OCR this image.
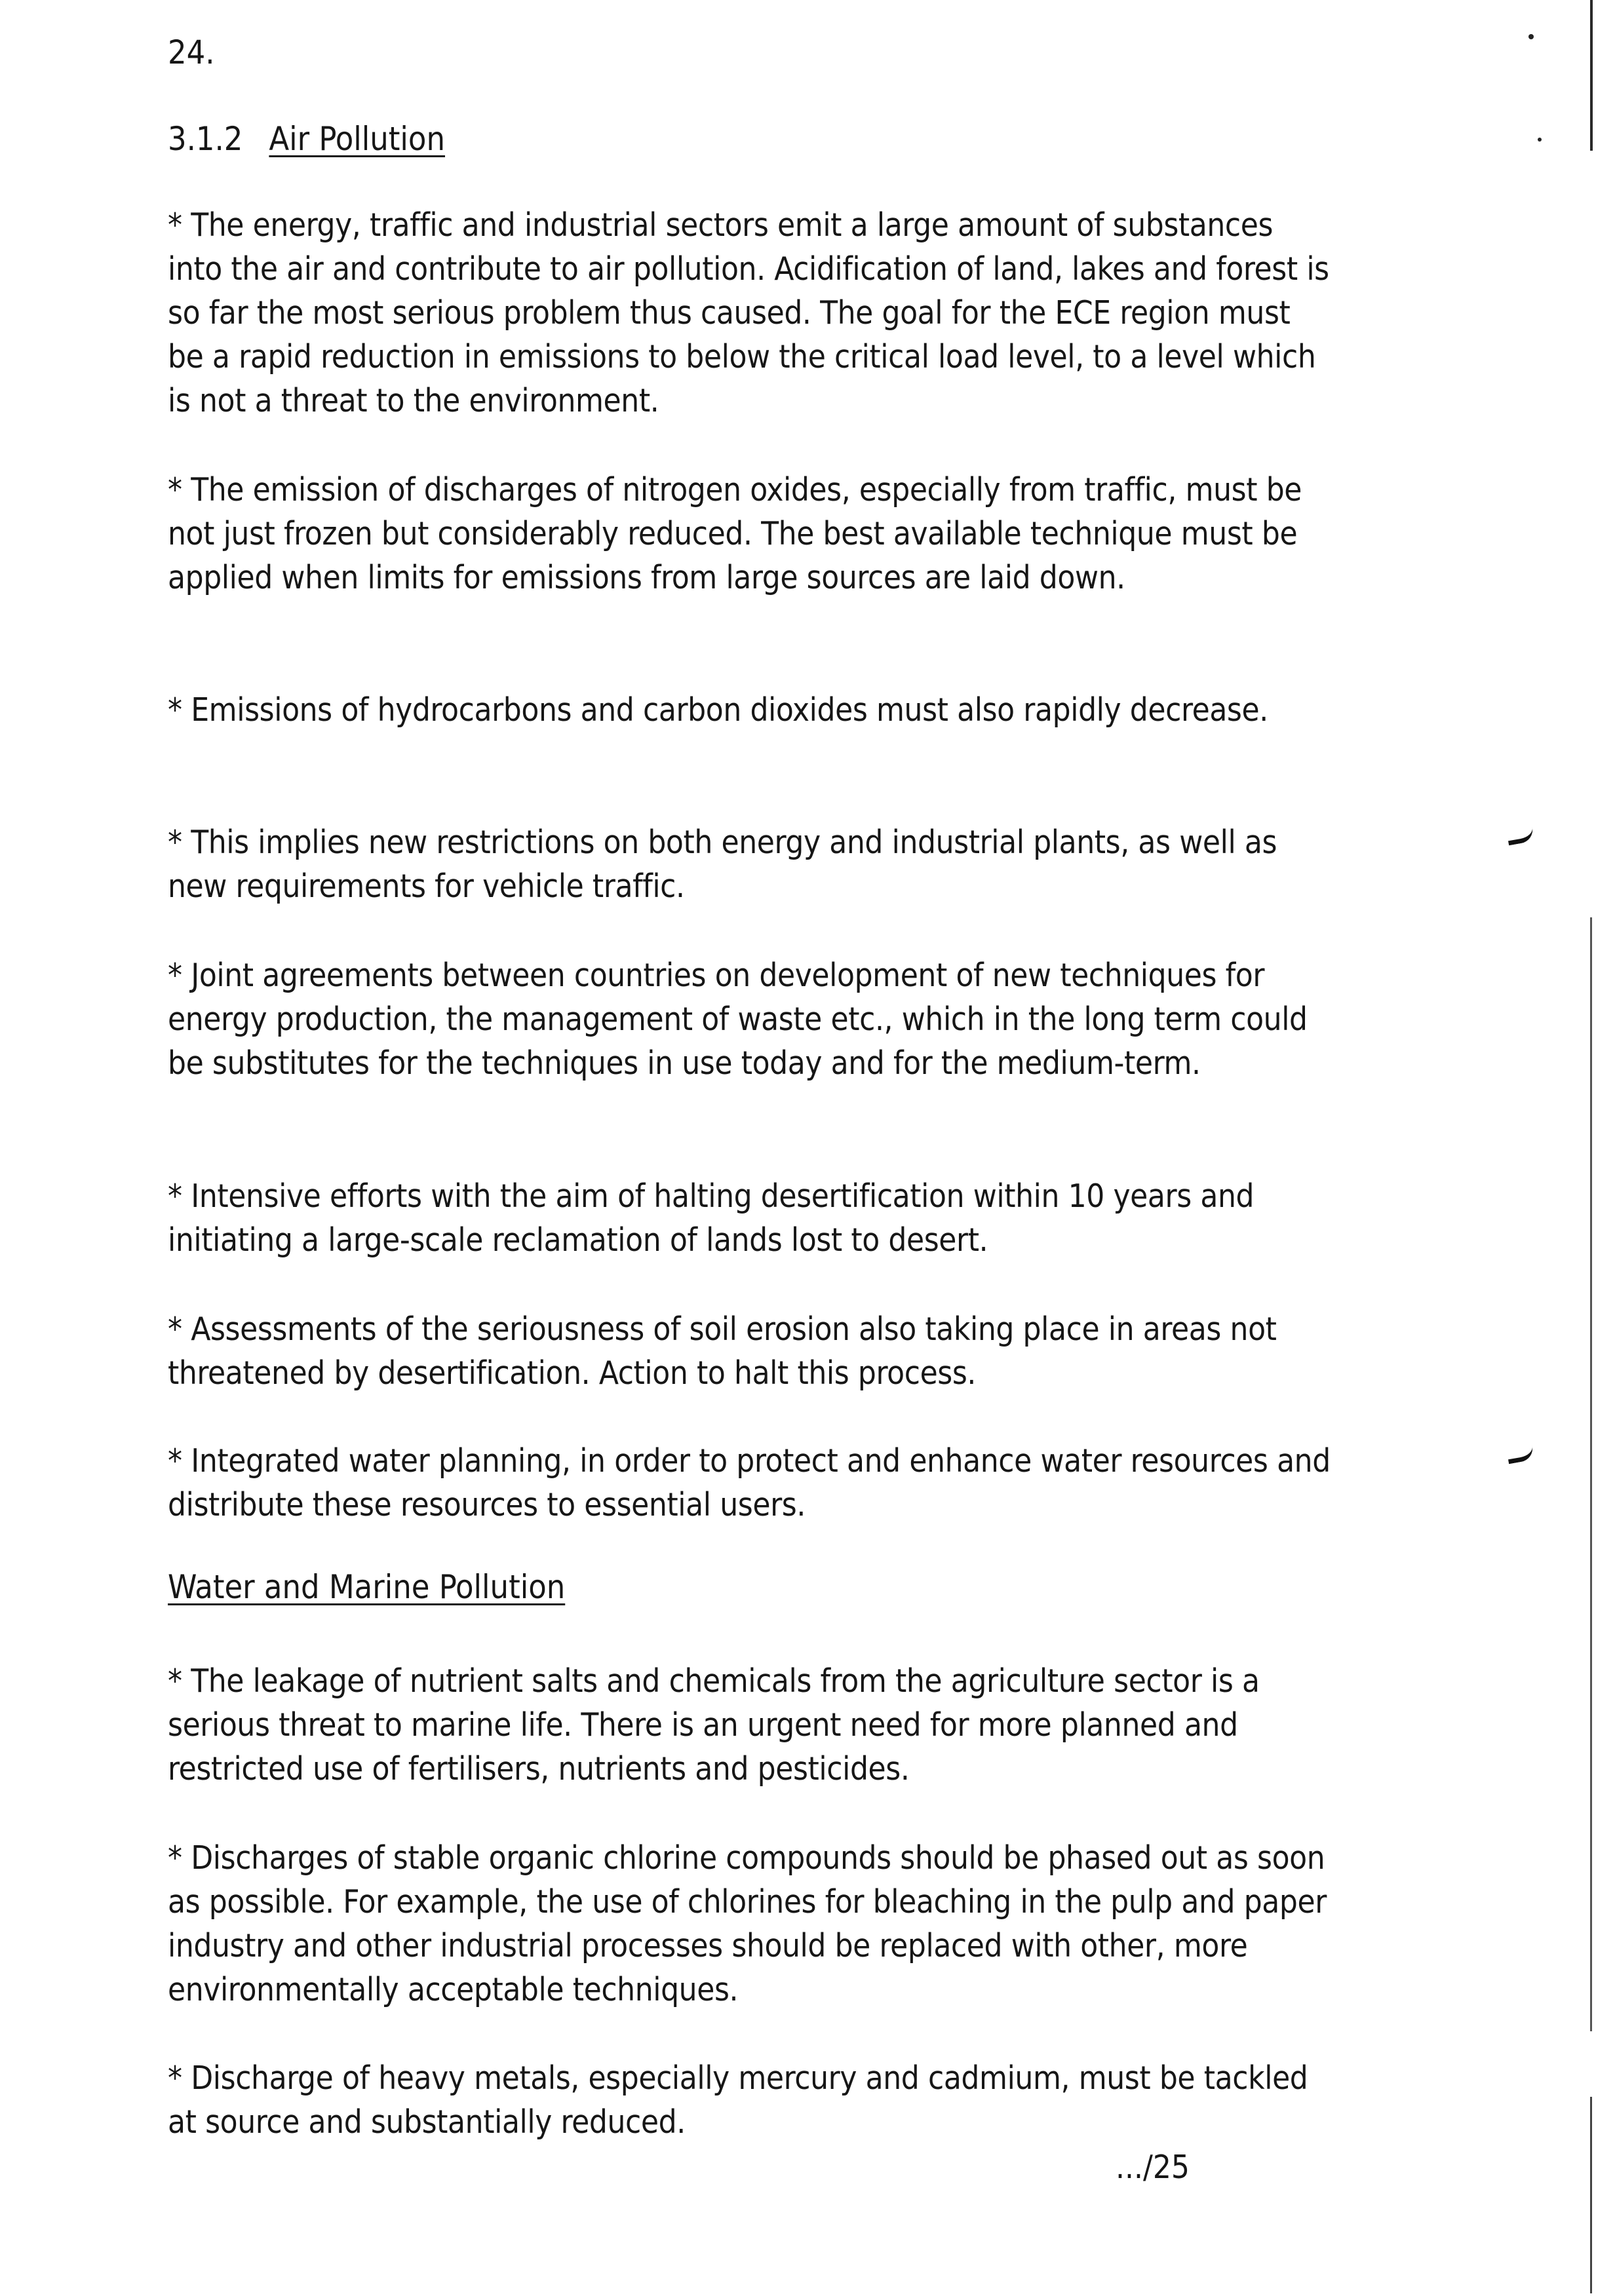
24.

3.1.2 Air Pollution

* The energy, traffic and industrial sectors emit a large amount of substances into the air and contribute to air pollution. Acidification of land, lakes and forest is so far the most serious problem thus caused. The goal for the ECE region must be a rapid reduction in emissions to below the critical load level, to a level which is not a threat to the environment.

* The emission of discharges of nitrogen oxides, especially from traffic, must be not just frozen but considerably reduced. The best available technique must be applied when limits for emissions from large sources are laid down.

* Emissions of hydrocarbons and carbon dioxides must also rapidly decrease.

* This implies new restrictions on both energy and industrial plants, as well as new requirements for vehicle traffic.

* Joint agreements between countries on development of new techniques for energy production, the management of waste etc., which in the long term could be substitutes for the techniques in use today and for the medium-term.

* Intensive efforts with the aim of halting desertification within 10 years and initiating a large-scale reclamation of lands lost to desert.

* Assessments of the seriousness of soil erosion also taking place in areas not threatened by desertification. Action to halt this process.

* Integrated water planning, in order to protect and enhance water resources and distribute these resources to essential users.

Water and Marine Pollution

* The leakage of nutrient salts and chemicals from the agriculture sector is a serious threat to marine life. There is an urgent need for more planned and restricted use of fertilisers, nutrients and pesticides.

* Discharges of stable organic chlorine compounds should be phased out as soon as possible. For example, the use of chlorines for bleaching in the pulp and paper industry and other industrial processes should be replaced with other, more environmentally acceptable techniques.

* Discharge of heavy metals, especially mercury and cadmium, must be tackled at source and substantially reduced.

.../25
